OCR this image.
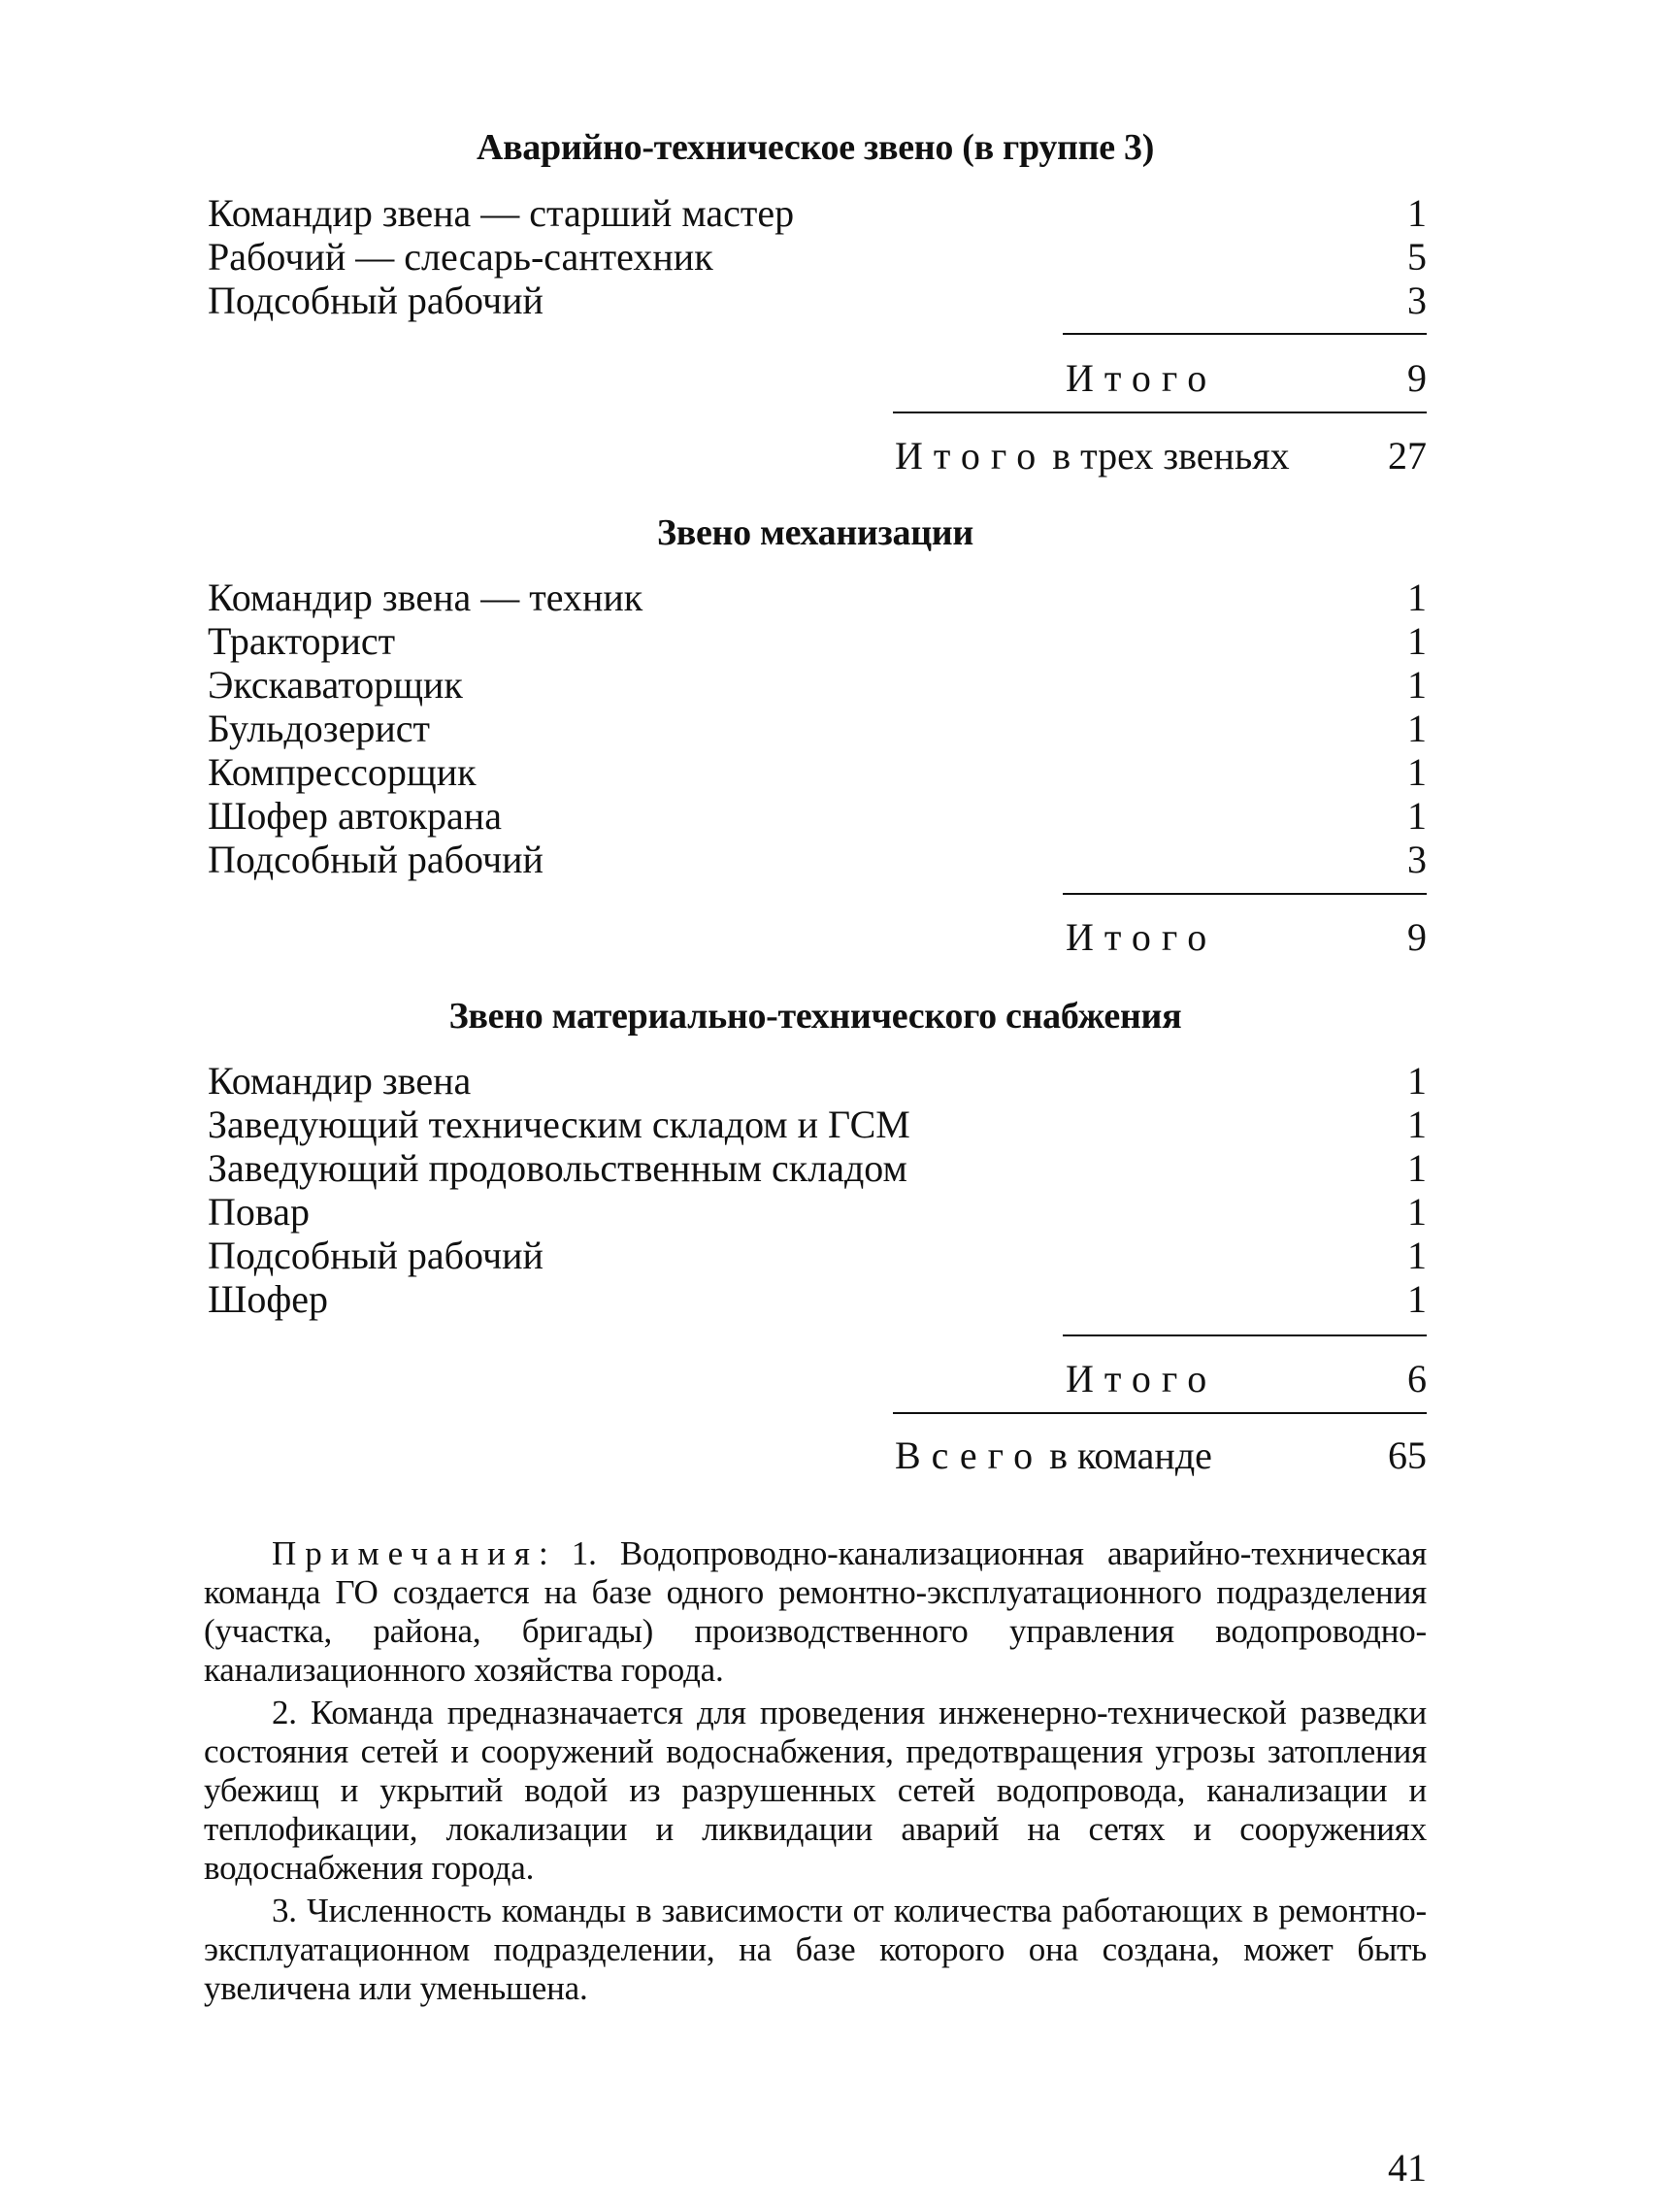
Аварийно-техническое звено (в группе 3)
Командир звена — старший мастер	1
Рабочий — слесарь-сантехник	5
Подсобный рабочий	3
Итого	9
Итого в трех звеньях	27
Звено механизации
Командир звена — техник	1
Тракторист	1
Экскаваторщик	1
Бульдозерист	1
Компрессорщик	1
Шофер автокрана	1
Подсобный рабочий	3
Итого	9
Звено материально-технического снабжения
Командир звена	1
Заведующий техническим складом и ГСМ	1
Заведующий продовольственным складом	1
Повар	1
Подсобный рабочий	1
Шофер	1
Итого	6
Всего в команде	65

Примечания: 1. Водопроводно-канализационная аварийно-техническая команда ГО создается на базе одного ремонтно-эксплуатационного подразделения (участка, района, бригады) производственного управления водопроводно-канализационного хозяйства города.

2. Команда предназначается для проведения инженерно-технической разведки состояния сетей и сооружений водоснабжения, предотвращения угрозы затопления убежищ и укрытий водой из разрушенных сетей водопровода, канализации и теплофикации, локализации и ликвидации аварий на сетях и сооружениях водоснабжения города.

3. Численность команды в зависимости от количества работающих в ремонтно-эксплуатационном подразделении, на базе которого она создана, может быть увеличена или уменьшена.

41
